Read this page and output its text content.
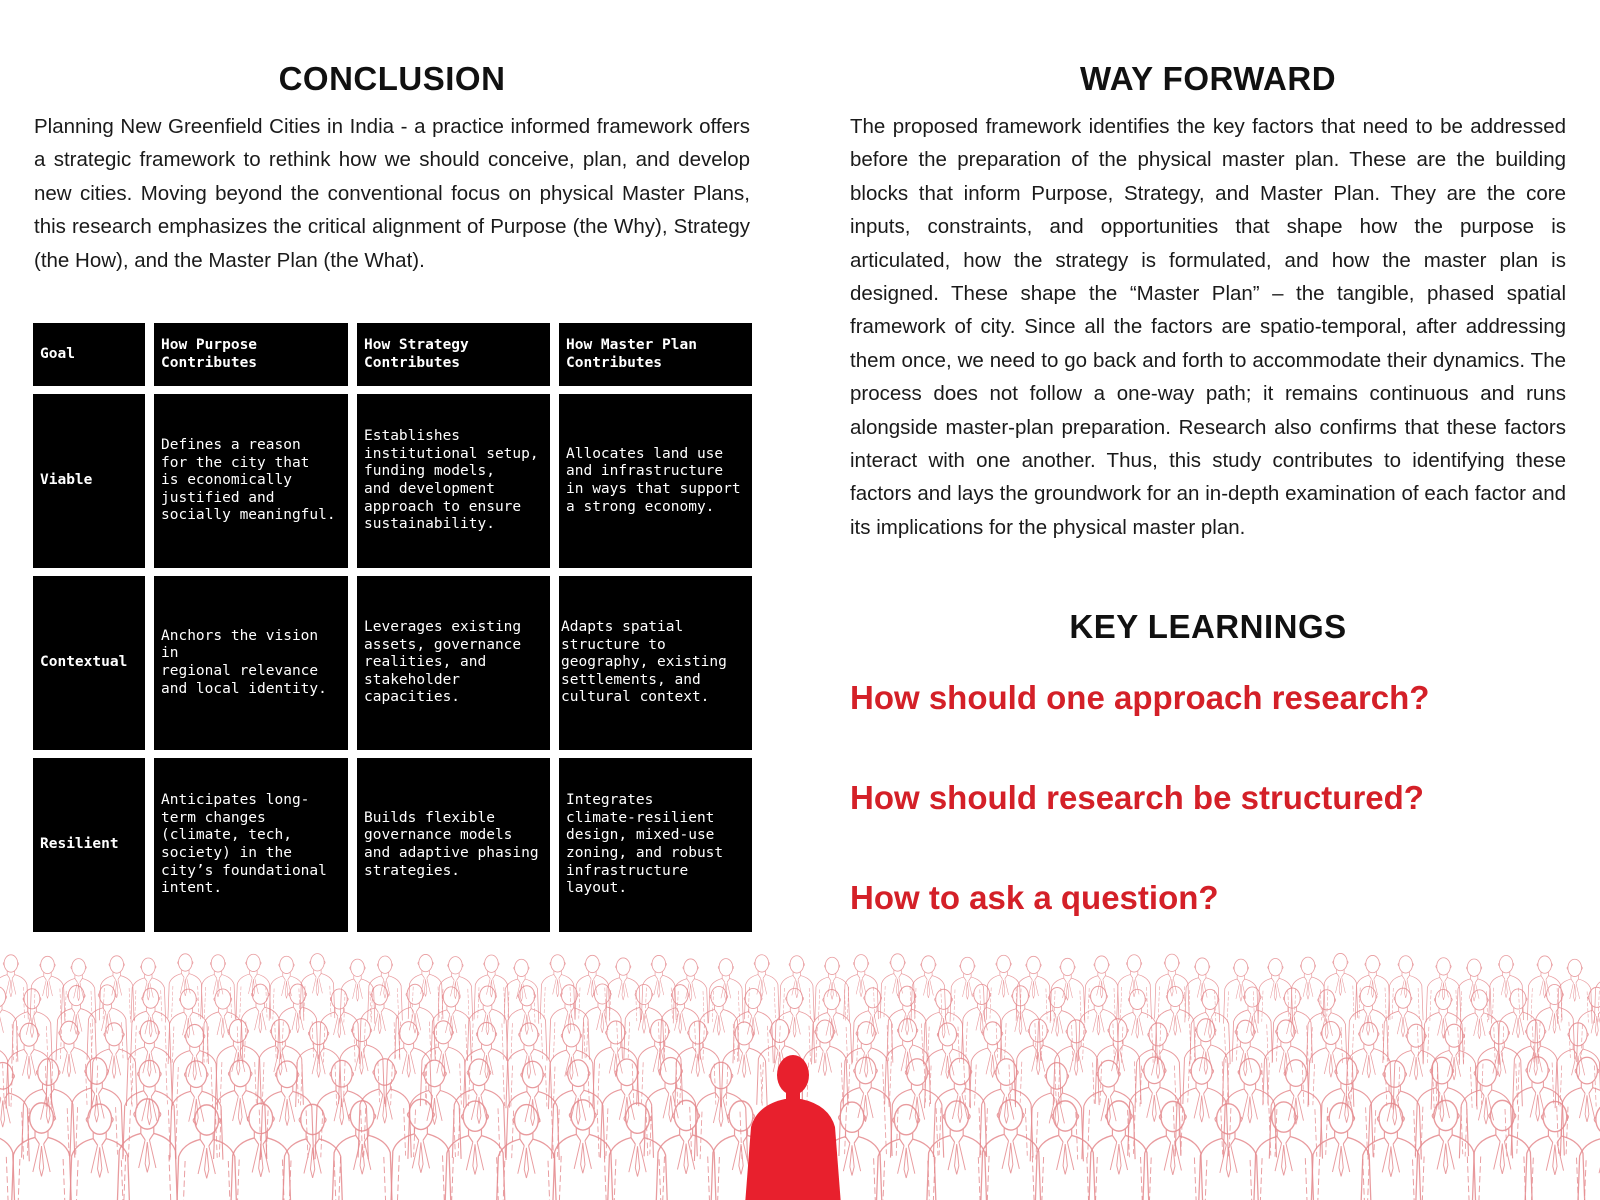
CONCLUSION

Planning New Greenfield Cities in India - a practice informed framework offers a strategic framework to rethink how we should conceive, plan, and develop new cities. Moving beyond the conventional focus on physical Master Plans, this research emphasizes the critical alignment of Purpose (the Why), Strategy (the How), and the Master Plan (the What).

Goal
How Purpose
Contributes
How Strategy
Contributes
How Master Plan
Contributes
Viable
Defines a reason
for the city that
is economically
justified and
socially meaningful.
Establishes
institutional setup,
funding models,
and development
approach to ensure
sustainability.
Allocates land use
and infrastructure
in ways that support
a strong economy.
Contextual
Anchors the vision in
regional relevance
and local identity.
Leverages existing
assets, governance
realities, and
stakeholder
capacities.
Adapts spatial
structure to
geography, existing
settlements, and
cultural context.
Resilient
Anticipates long-
term changes
(climate, tech,
society) in the
city’s foundational
intent.
Builds flexible
governance models
and adaptive phasing
strategies.
Integrates
climate-resilient
design, mixed-use
zoning, and robust
infrastructure
layout.
WAY FORWARD

The proposed framework identifies the key factors that need to be addressed before the preparation of the physical master plan. These are the building blocks that inform Purpose, Strategy, and Master Plan. They are the core inputs, constraints, and opportunities that shape how the purpose is articulated, how the strategy is formulated, and how the master plan is designed. These shape the “Master Plan” – the tangible, phased spatial framework of city. Since all the factors are spatio-temporal, after addressing them once, we need to go back and forth to accommodate their dynamics. The process does not follow a one-way path; it remains continuous and runs alongside master-plan preparation. Research also confirms that these factors interact with one another. Thus, this study contributes to identifying these factors and lays the groundwork for an in-depth examination of each factor and its implications for the physical master plan.

KEY LEARNINGS

How should one approach research?

How should research be structured?

How to ask a question?
